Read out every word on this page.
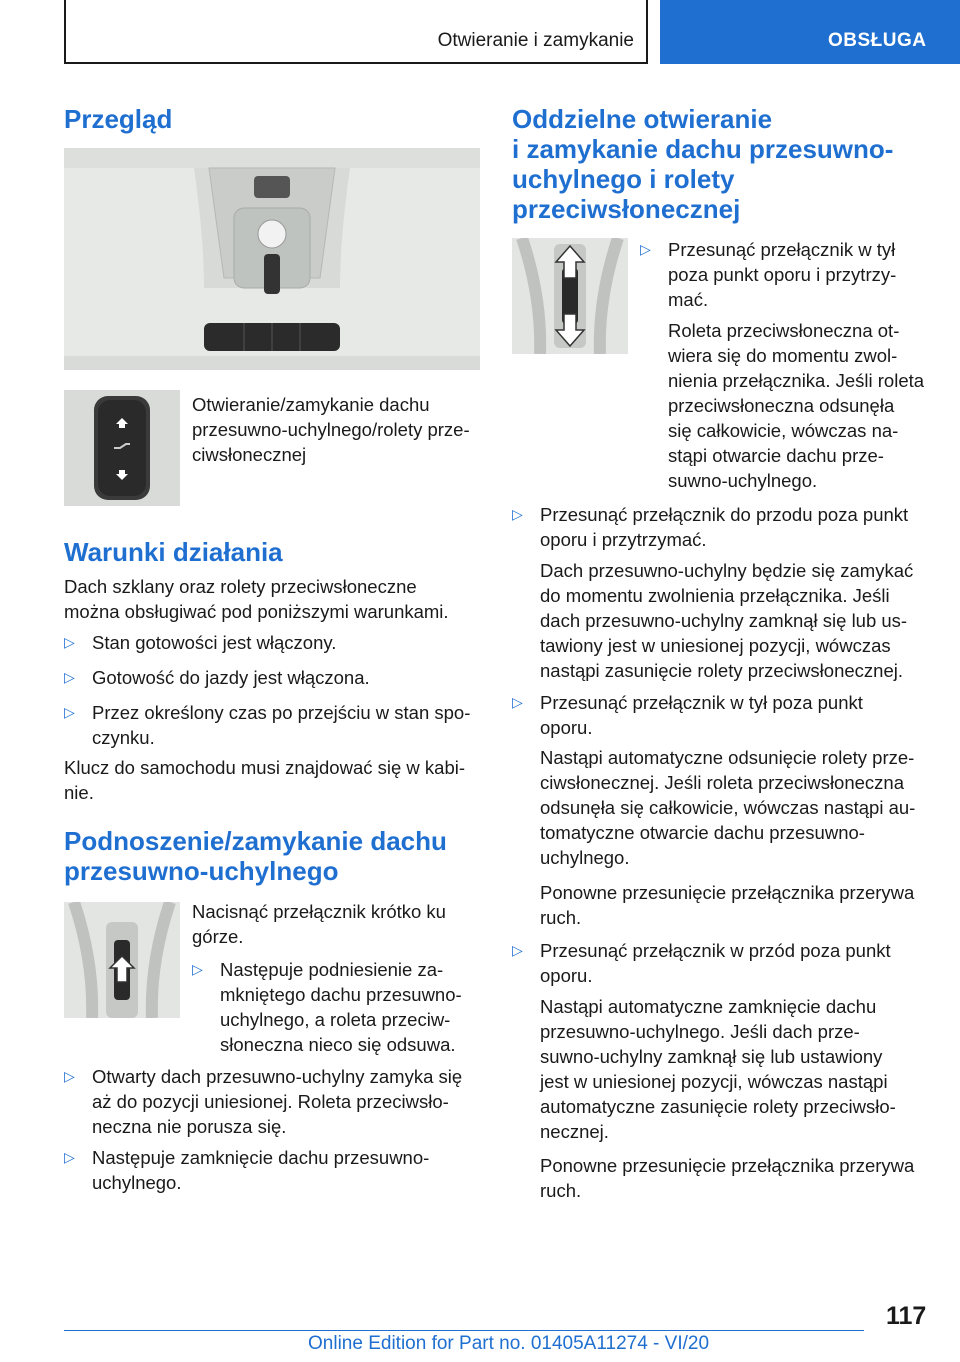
Otwieranie i zamykanie	OBSŁUGA
Przegląd
Otwieranie/zamykanie dachu
przesuwno-uchylnego/rolety prze-
ciwsłonecznej
Warunki działania
Dach szklany oraz rolety przeciwsłoneczne
można obsługiwać pod poniższymi warunkami.
▷ Stan gotowości jest włączony.
▷ Gotowość do jazdy jest włączona.
▷ Przez określony czas po przejściu w stan spo-
czynku.
Klucz do samochodu musi znajdować się w kabi-
nie.
Podnoszenie/zamykanie dachu
przesuwno-uchylnego
Nacisnąć przełącznik krótko ku
górze.
▷ Następuje podniesienie za-
mkniętego dachu przesuwno-
uchylnego, a roleta przeciw-
słoneczna nieco się odsuwa.
▷ Otwarty dach przesuwno-uchylny zamyka się
aż do pozycji uniesionej. Roleta przeciwsło-
neczna nie porusza się.
▷ Następuje zamknięcie dachu przesuwno-
uchylnego.
Oddzielne otwieranie
i zamykanie dachu przesuwno-
uchylnego i rolety
przeciwsłonecznej
▷ Przesunąć przełącznik w tył
poza punkt oporu i przytrzy-
mać.
Roleta przeciwsłoneczna ot-
wiera się do momentu zwol-
nienia przełącznika. Jeśli roleta
przeciwsłoneczna odsunęła
się całkowicie, wówczas na-
stąpi otwarcie dachu prze-
suwno-uchylnego.
▷ Przesunąć przełącznik do przodu poza punkt
oporu i przytrzymać.
Dach przesuwno-uchylny będzie się zamykać
do momentu zwolnienia przełącznika. Jeśli
dach przesuwno-uchylny zamknął się lub us-
tawiony jest w uniesionej pozycji, wówczas
nastąpi zasunięcie rolety przeciwsłonecznej.
▷ Przesunąć przełącznik w tył poza punkt
oporu.
Nastąpi automatyczne odsunięcie rolety prze-
ciwsłonecznej. Jeśli roleta przeciwsłoneczna
odsunęła się całkowicie, wówczas nastąpi au-
tomatyczne otwarcie dachu przesuwno-
uchylnego.
Ponowne przesunięcie przełącznika przerywa
ruch.
▷ Przesunąć przełącznik w przód poza punkt
oporu.
Nastąpi automatyczne zamknięcie dachu
przesuwno-uchylnego. Jeśli dach prze-
suwno-uchylny zamknął się lub ustawiony
jest w uniesionej pozycji, wówczas nastąpi
automatyczne zasunięcie rolety przeciwsło-
necznej.
Ponowne przesunięcie przełącznika przerywa
ruch.
117
Online Edition for Part no. 01405A11274 - VI/20
